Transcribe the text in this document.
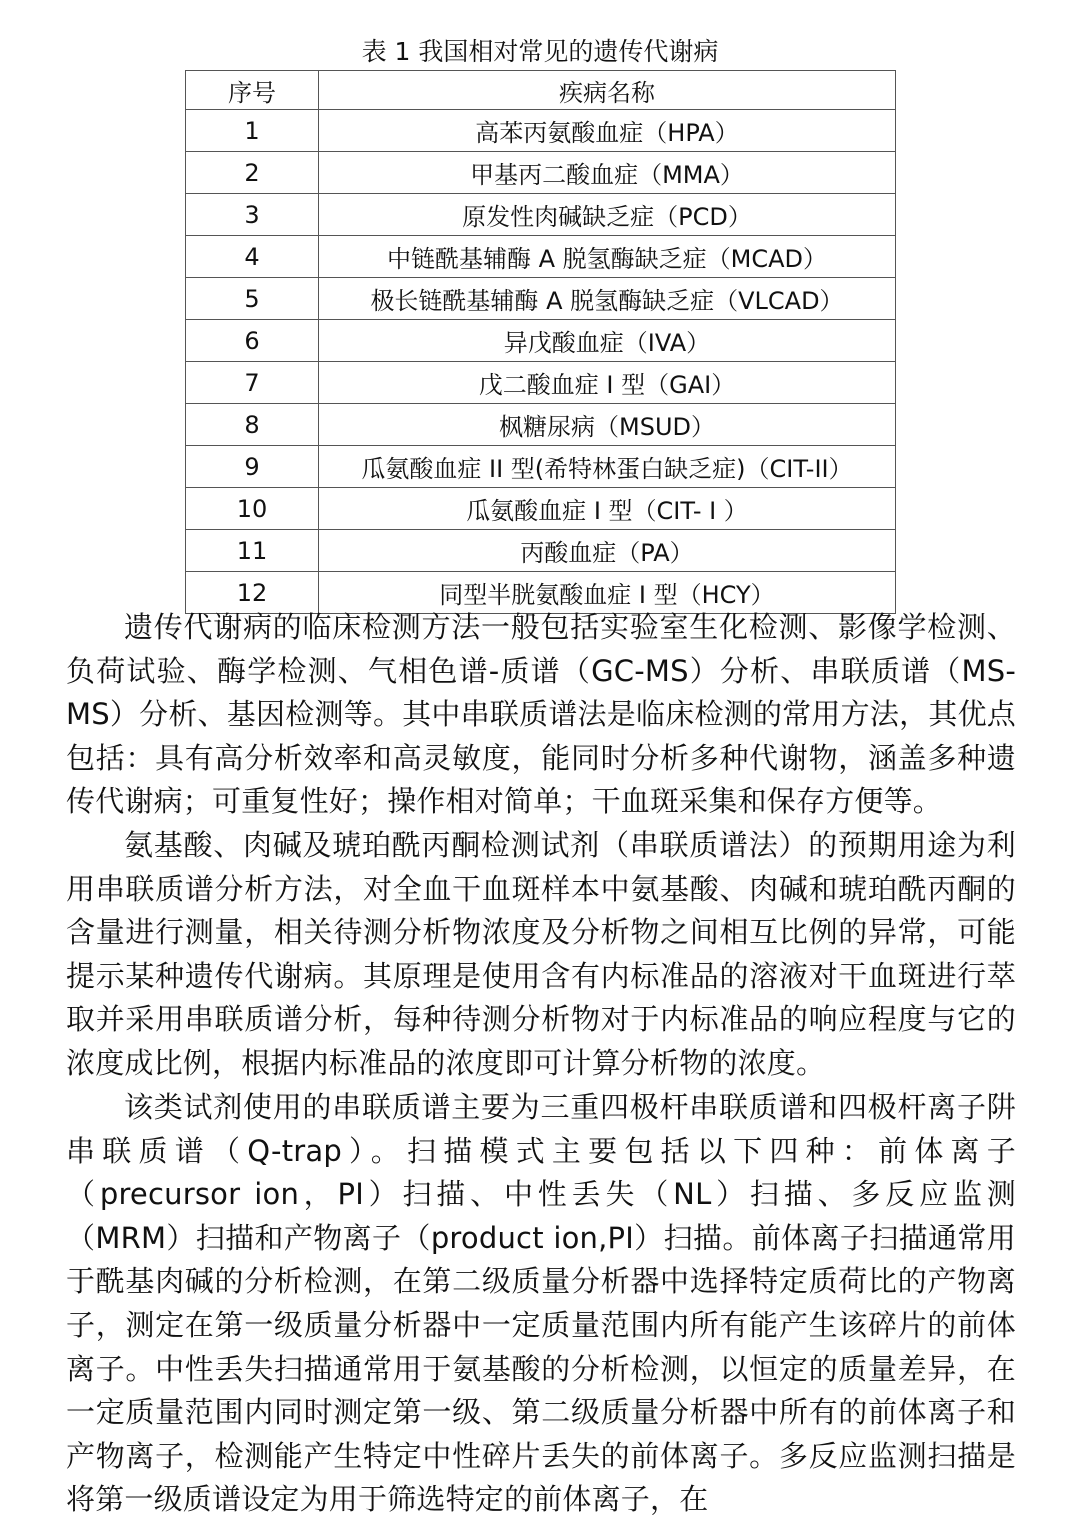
表 1 我国相对常见的遗传代谢病
序号	疾病名称
1	高苯丙氨酸血症（HPA）
2	甲基丙二酸血症（MMA）
3	原发性肉碱缺乏症（PCD）
4	中链酰基辅酶 A 脱氢酶缺乏症（MCAD）
5	极长链酰基辅酶 A 脱氢酶缺乏症（VLCAD）
6	异戊酸血症（IVA）
7	戊二酸血症 I 型（GAI）
8	枫糖尿病（MSUD）
9	瓜氨酸血症 II 型(希特林蛋白缺乏症)（CIT-II）
10	瓜氨酸血症 I 型（CIT- Ⅰ ）
11	丙酸血症（PA）
12	同型半胱氨酸血症 I 型（HCY）

遗传代谢病的临床检测方法一般包括实验室生化检测、影像学检测、负荷试验、酶学检测、气相色谱-质谱（GC-MS）分析、串联质谱（MS-MS）分析、基因检测等。其中串联质谱法是临床检测的常用方法，其优点包括：具有高分析效率和高灵敏度，能同时分析多种代谢物，涵盖多种遗传代谢病；可重复性好；操作相对简单；干血斑采集和保存方便等。

氨基酸、肉碱及琥珀酰丙酮检测试剂（串联质谱法）的预期用途为利用串联质谱分析方法，对全血干血斑样本中氨基酸、肉碱和琥珀酰丙酮的含量进行测量，相关待测分析物浓度及分析物之间相互比例的异常，可能提示某种遗传代谢病。其原理是使用含有内标准品的溶液对干血斑进行萃取并采用串联质谱分析，每种待测分析物对于内标准品的响应程度与它的浓度成比例，根据内标准品的浓度即可计算分析物的浓度。

该类试剂使用的串联质谱主要为三重四极杆串联质谱和四极杆离子阱串联质谱（Q-trap）。扫描模式主要包括以下四种：前体离子（precursor ion，PI）扫描、中性丢失（NL）扫描、多反应监测（MRM）扫描和产物离子（product ion,PI）扫描。前体离子扫描通常用于酰基肉碱的分析检测，在第二级质量分析器中选择特定质荷比的产物离子，测定在第一级质量分析器中一定质量范围内所有能产生该碎片的前体离子。中性丢失扫描通常用于氨基酸的分析检测，以恒定的质量差异，在一定质量范围内同时测定第一级、第二级质量分析器中所有的前体离子和产物离子，检测能产生特定中性碎片丢失的前体离子。多反应监测扫描是将第一级质谱设定为用于筛选特定的前体离子，在
